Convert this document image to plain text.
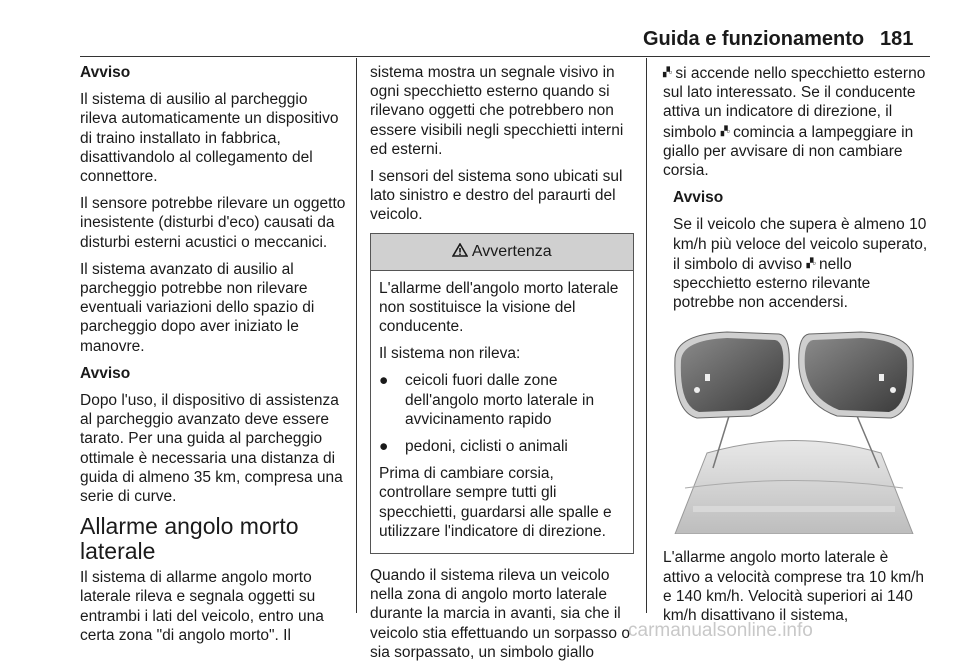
Guida e funzionamento 181

Avviso

Il sistema di ausilio al parcheggio rileva automaticamente un dispositivo di traino installato in fabbrica, disattivandolo al collegamento del connettore.

Il sensore potrebbe rilevare un oggetto inesistente (disturbi d'eco) causati da disturbi esterni acustici o meccanici.

Il sistema avanzato di ausilio al parcheggio potrebbe non rilevare eventuali variazioni dello spazio di parcheggio dopo aver iniziato le manovre.

Avviso

Dopo l'uso, il dispositivo di assistenza al parcheggio avanzato deve essere tarato. Per una guida al parcheggio ottimale è necessaria una distanza di guida di almeno 35 km, compresa una serie di curve.

Allarme angolo morto laterale

Il sistema di allarme angolo morto laterale rileva e segnala oggetti su entrambi i lati del veicolo, entro una certa zona "di angolo morto". Il

sistema mostra un segnale visivo in ogni specchietto esterno quando si rilevano oggetti che potrebbero non essere visibili negli specchietti interni ed esterni.

I sensori del sistema sono ubicati sul lato sinistro e destro del paraurti del veicolo.

Avvertenza

L'allarme dell'angolo morto laterale non sostituisce la visione del conducente.

Il sistema non rileva:

●	ceicoli fuori dalle zone dell'angolo morto laterale in avvicinamento rapido
●	pedoni, ciclisti o animali

Prima di cambiare corsia, controllare sempre tutti gli specchietti, guardarsi alle spalle e utilizzare l'indicatore di direzione.

Quando il sistema rileva un veicolo nella zona di angolo morto laterale durante la marcia in avanti, sia che il veicolo stia effettuando un sorpasso o sia sorpassato, un simbolo giallo

▞▫ si accende nello specchietto esterno sul lato interessato. Se il conducente attiva un indicatore di direzione, il simbolo ▞▫ comincia a lampeggiare in giallo per avvisare di non cambiare corsia.

Avviso

Se il veicolo che supera è almeno 10 km/h più veloce del veicolo superato, il simbolo di avviso ▞▫ nello specchietto esterno rilevante potrebbe non accendersi.

L'allarme angolo morto laterale è attivo a velocità comprese tra 10 km/h e 140 km/h. Velocità superiori ai 140 km/h disattivano il sistema,

carmanualsonline.info
